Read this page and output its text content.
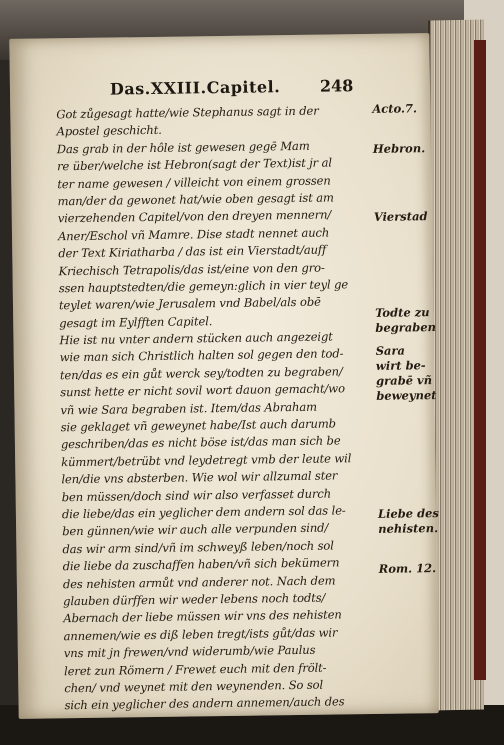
Das.XXIII.Capitel. 248
Got zůgesagt hatte/wie Stephanus sagt in der
Apostel geschicht.
Das grab in der hôle ist gewesen gegē Mam
re über/welche ist Hebron(sagt der Text)ist jr al
ter name gewesen / villeicht von einem grossen
man/der da gewonet hat/wie oben gesagt ist am
vierzehenden Capitel/von den dreyen mennern/
Aner/Eschol vñ Mamre. Dise stadt nennet auch
der Text Kiriatharba / das ist ein Vierstadt/auff
Kriechisch Tetrapolis/das ist/eine von den gro-
ssen hauptstedten/die gemeyn:glich in vier teyl ge
teylet waren/wie Jerusalem vnd Babel/als obē
gesagt im Eylfften Capitel.
Hie ist nu vnter andern stücken auch angezeigt
wie man sich Christlich halten sol gegen den tod-
ten/das es ein gůt werck sey/todten zu begraben/
sunst hette er nicht sovil wort dauon gemacht/wo
vñ wie Sara begraben ist. Item/das Abraham
sie geklaget vñ geweynet habe/Ist auch darumb
geschriben/das es nicht böse ist/das man sich be
kümmert/betrübt vnd leydetregt vmb der leute wil
len/die vns absterben. Wie wol wir allzumal ster
ben müssen/doch sind wir also verfasset durch
die liebe/das ein yeglicher dem andern sol das le-
ben günnen/wie wir auch alle verpunden sind/
das wir arm sind/vñ im schweyß leben/noch sol
die liebe da zuschaffen haben/vñ sich bekümern
des nehisten armůt vnd anderer not. Nach dem
glauben dürffen wir weder lebens noch todts/
Abernach der liebe müssen wir vns des nehisten
annemen/wie es diß leben tregt/ists gůt/das wir
vns mit jn frewen/vnd widerumb/wie Paulus
leret zun Römern / Frewet euch mit den frölt-
chen/ vnd weynet mit den weynenden. So sol
sich ein yeglicher des andern annemen/auch des
Acto.7.
Hebron.
Vierstad
Todte zu
begraben
Sara
wirt be-
grabē vñ
beweynet
Liebe des
nehisten.
Rom. 12.
